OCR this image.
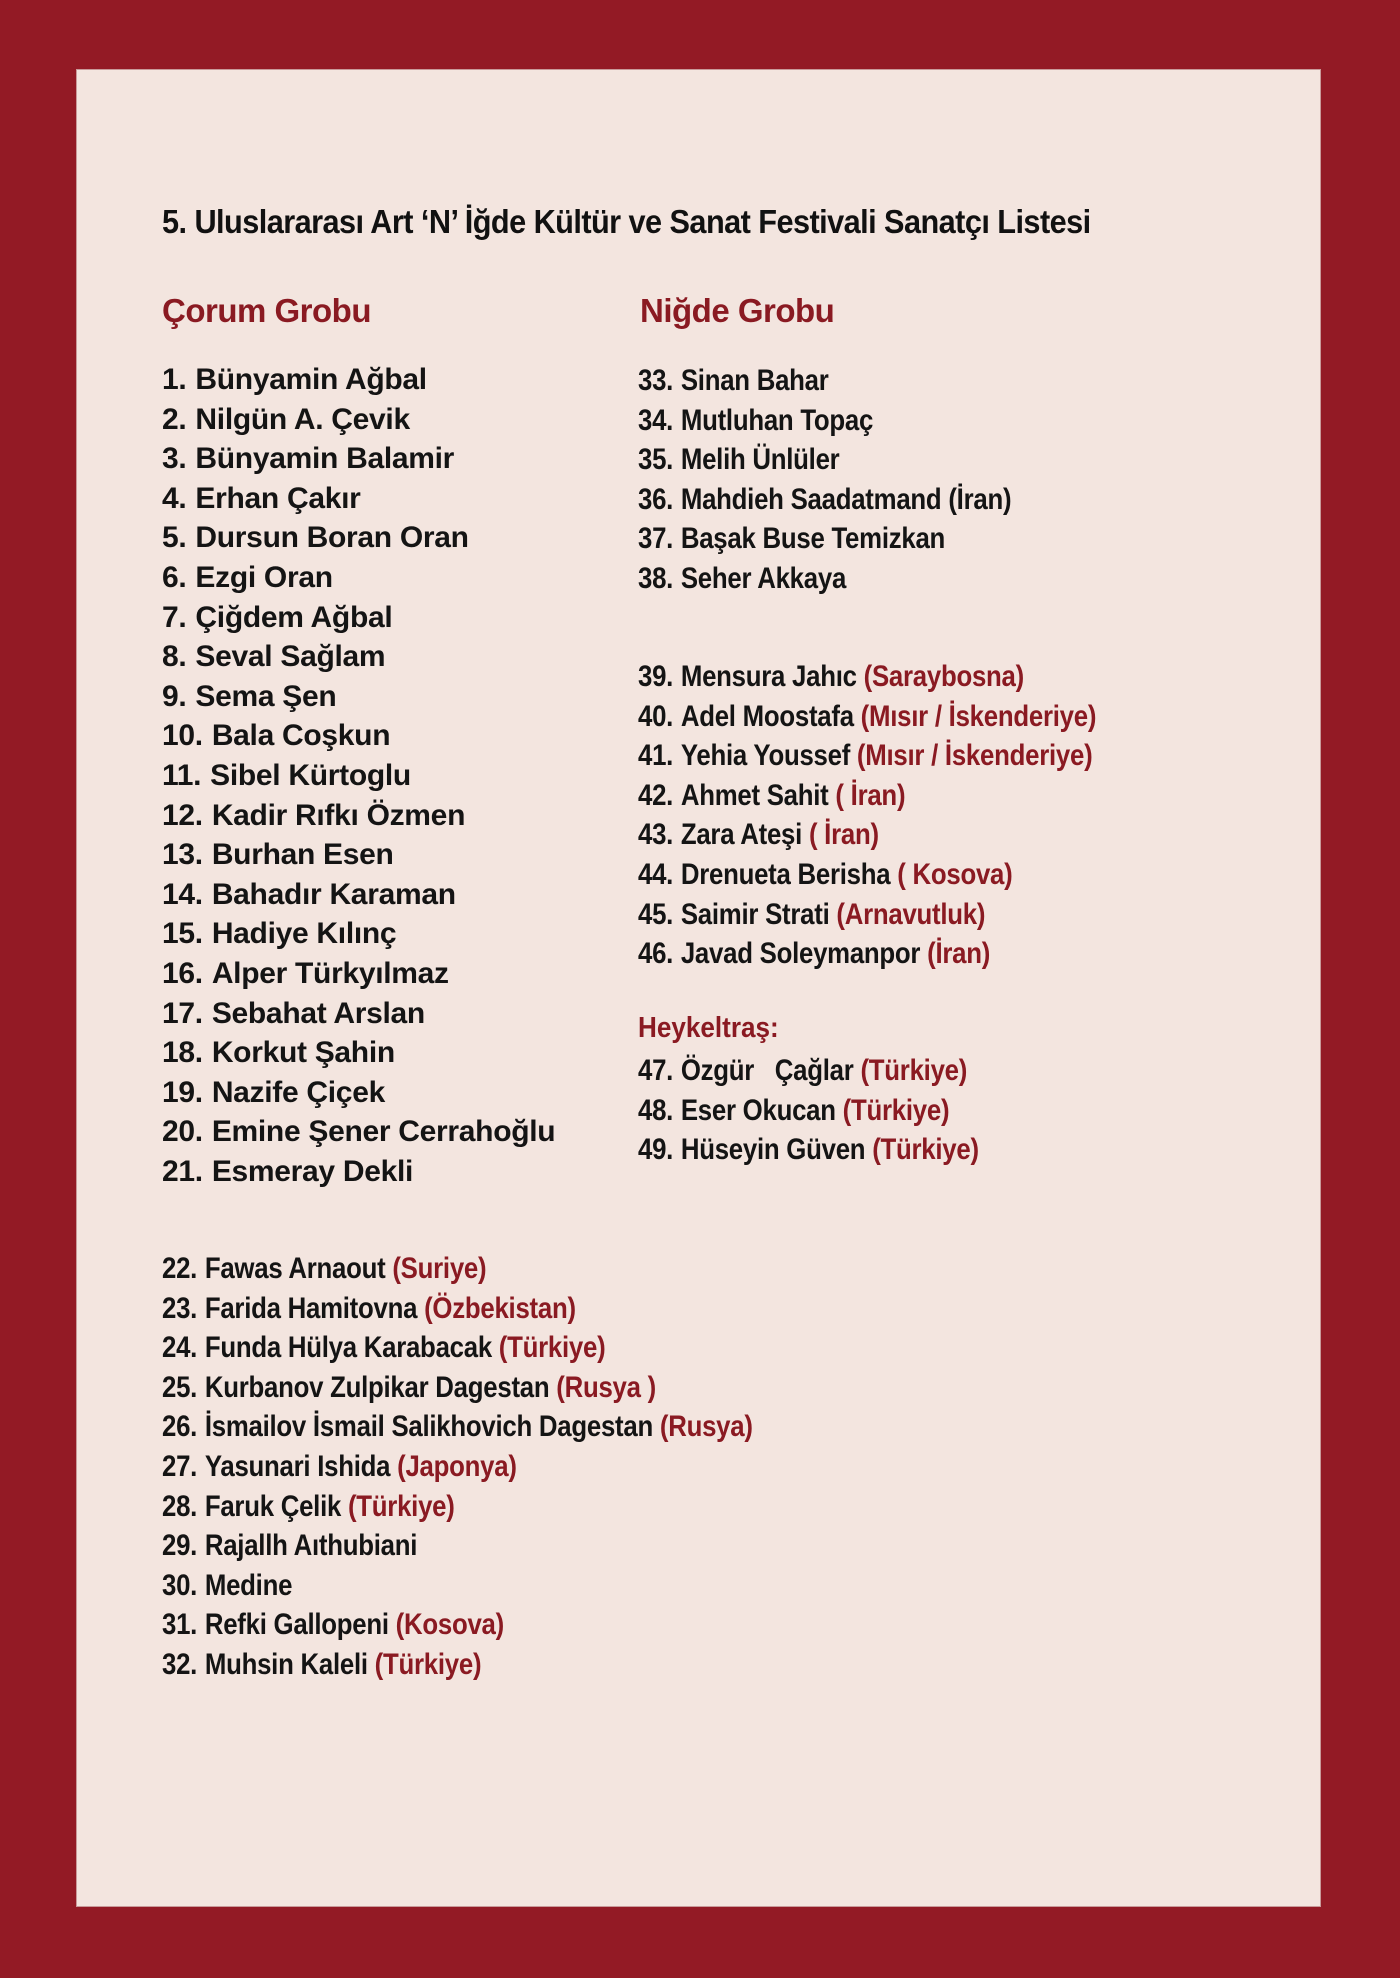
5. Uluslararası Art ‘N’ İğde Kültür ve Sanat Festivali Sanatçı Listesi
Çorum Grobu
1. Bünyamin Ağbal
2. Nilgün A. Çevik
3. Bünyamin Balamir
4. Erhan Çakır
5. Dursun Boran Oran
6. Ezgi Oran
7. Çiğdem Ağbal
8. Seval Sağlam
9. Sema Şen
10. Bala Coşkun
11. Sibel Kürtoglu
12. Kadir Rıfkı Özmen
13. Burhan Esen
14. Bahadır Karaman
15. Hadiye Kılınç
16. Alper Türkyılmaz
17. Sebahat Arslan
18. Korkut Şahin
19. Nazife Çiçek
20. Emine Şener Cerrahoğlu
21. Esmeray Dekli
22. Fawas Arnaout (Suriye)
23. Farida Hamitovna (Özbekistan)
24. Funda Hülya Karabacak (Türkiye)
25. Kurbanov Zulpikar Dagestan (Rusya )
26. İsmailov İsmail Salikhovich Dagestan (Rusya)
27. Yasunari Ishida (Japonya)
28. Faruk Çelik (Türkiye)
29. Rajallh Aıthubiani
30. Medine
31. Refki Gallopeni (Kosova)
32. Muhsin Kaleli (Türkiye)
Niğde Grobu
33. Sinan Bahar
34. Mutluhan Topaç
35. Melih Ünlüler
36. Mahdieh Saadatmand (İran)
37. Başak Buse Temizkan
38. Seher Akkaya
39. Mensura Jahıc (Saraybosna)
40. Adel Moostafa (Mısır / İskenderiye)
41. Yehia Youssef (Mısır / İskenderiye)
42. Ahmet Sahit ( İran)
43. Zara Ateşi ( İran)
44. Drenueta Berisha ( Kosova)
45. Saimir Strati (Arnavutluk)
46. Javad Soleymanpor (İran)
Heykeltraş:
47. Özgür   Çağlar (Türkiye)
48. Eser Okucan (Türkiye)
49. Hüseyin Güven (Türkiye)
